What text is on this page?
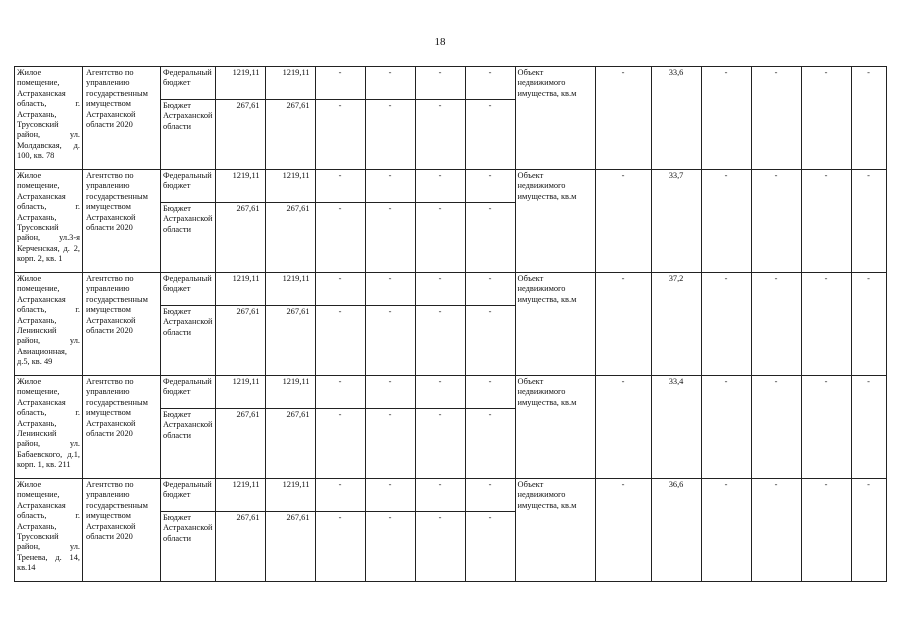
18
Жилое помещение, Астраханская область, г. Астрахань, Трусовский район, ул. Молдавская, д. 100, кв. 78	Агентство по управлению государственным имуществом Астраханской области 2020	Федеральный бюджет	1219,11	1219,11	-	-	-	-	Объект недвижимого имущества, кв.м	-	33,6	-	-	-	-
		Бюджет Астраханской области	267,61	267,61	-	-	-	-							
Жилое помещение, Астраханская область, г. Астрахань, Трусовский район, ул.3-я Керченская, д. 2, корп. 2, кв. 1	Агентство по управлению государственным имуществом Астраханской области 2020	Федеральный бюджет	1219,11	1219,11	-	-	-	-	Объект недвижимого имущества, кв.м	-	33,7	-	-	-	-
		Бюджет Астраханской области	267,61	267,61	-	-	-	-							
Жилое помещение, Астраханская область, г. Астрахань, Ленинский район, ул. Авиационная, д.5, кв. 49	Агентство по управлению государственным имуществом Астраханской области 2020	Федеральный бюджет	1219,11	1219,11	-	-	-	-	Объект недвижимого имущества, кв.м	-	37,2	-	-	-	-
		Бюджет Астраханской области	267,61	267,61	-	-	-	-							
Жилое помещение, Астраханская область, г. Астрахань, Ленинский район, ул. Бабаевского, д.1, корп. 1, кв. 211	Агентство по управлению государственным имуществом Астраханской области 2020	Федеральный бюджет	1219,11	1219,11	-	-	-	-	Объект недвижимого имущества, кв.м	-	33,4	-	-	-	-
		Бюджет Астраханской области	267,61	267,61	-	-	-	-							
Жилое помещение, Астраханская область, г. Астрахань, Трусовский район, ул. Тренева, д. 14, кв.14	Агентство по управлению государственным имуществом Астраханской области 2020	Федеральный бюджет	1219,11	1219,11	-	-	-	-	Объект недвижимого имущества, кв.м	-	36,6	-	-	-	-
		Бюджет Астраханской области	267,61	267,61	-	-	-	-							
